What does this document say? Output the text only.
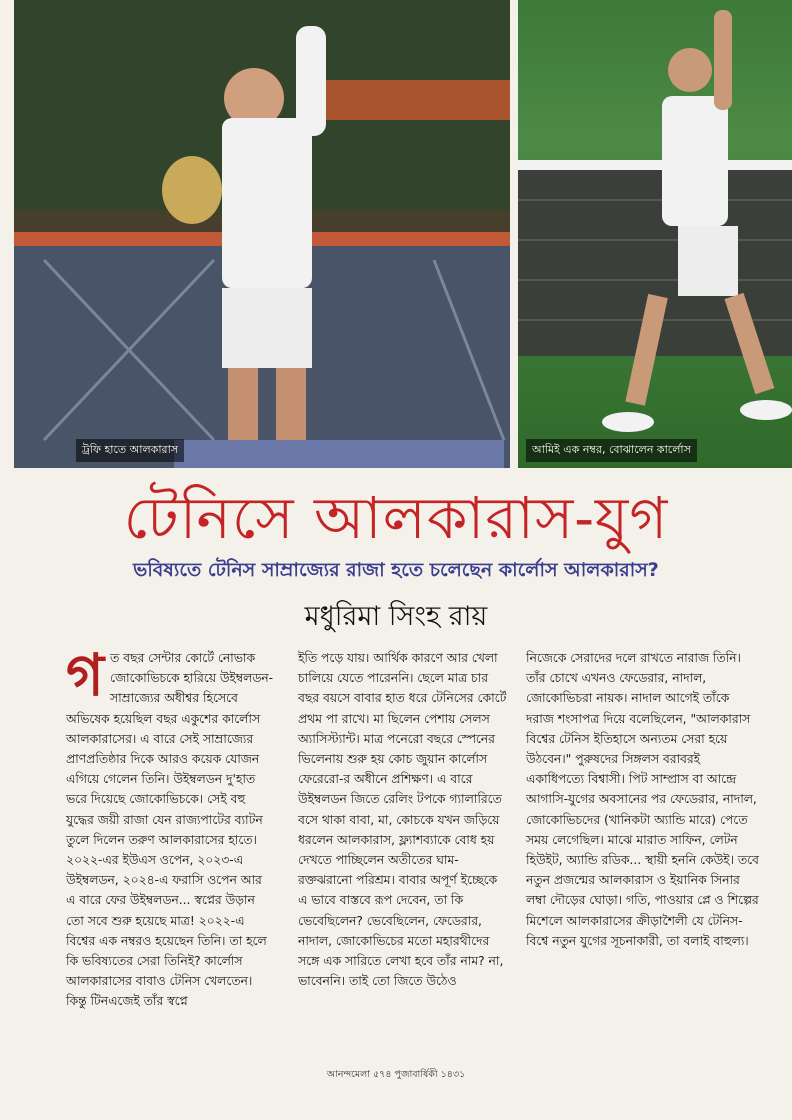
ট্রফি হাতে আলকারাস	আমিই এক নম্বর, বোঝালেন কার্লোস
টেনিসে আলকারাস-যুগ
ভবিষ্যতে টেনিস সাম্রাজ্যের রাজা হতে চলেছেন কার্লোস আলকারাস?
মধুরিমা সিংহ রায়
গ ত বছর সেন্টার কোর্টে নোভাক জোকোভিচকে হারিয়ে উইম্বলডন-সাম্রাজ্যের অধীশ্বর হিসেবে অভিষেক হয়েছিল বছর একুশের কার্লোস আলকারাসের। এ বারে সেই সাম্রাজ্যের প্রাণপ্রতিষ্ঠার দিকে আরও কয়েক যোজন এগিয়ে গেলেন তিনি। উইম্বলডন দু'হাত ভরে দিয়েছে জোকোভিচকে। সেই বহু যুদ্ধের জয়ী রাজা যেন রাজ্যপাটের ব্যাটন তুলে দিলেন তরুণ আলকারাসের হাতে। ২০২২-এর ইউএস ওপেন, ২০২৩-এ উইম্বলডন, ২০২৪-এ ফরাসি ওপেন আর এ বারে ফের উইম্বলডন... স্বপ্নের উড়ান তো সবে শুরু হয়েছে মাত্র! ২০২২-এ বিশ্বের এক নম্বরও হয়েছেন তিনি। তা হলে কি ভবিষ্যতের সেরা তিনিই? কার্লোস আলকারাসের বাবাও টেনিস খেলতেন। কিন্তু টিনএজেই তাঁর স্বপ্নে

ইতি পড়ে যায়। আর্থিক কারণে আর খেলা চালিয়ে যেতে পারেননি। ছেলে মাত্র চার বছর বয়সে বাবার হাত ধরে টেনিসের কোর্টে প্রথম পা রাখে। মা ছিলেন পেশায় সেলস অ্যাসিস্ট্যান্ট। মাত্র পনেরো বছরে স্পেনের ভিলেনায় শুরু হয় কোচ জুয়ান কার্লোস ফেরেরো-র অধীনে প্রশিক্ষণ। এ বারে উইম্বলডন জিতে রেলিং টপকে গ্যালারিতে বসে থাকা বাবা, মা, কোচকে যখন জড়িয়ে ধরলেন আলকারাস, ফ্ল্যাশব্যাকে বোধ হয় দেখতে পাচ্ছিলেন অতীতের ঘাম-রক্তঝরানো পরিশ্রম। বাবার অপূর্ণ ইচ্ছেকে এ ভাবে বাস্তবে রূপ দেবেন, তা কি ভেবেছিলেন? ভেবেছিলেন, ফেডেরার, নাদাল, জোকোভিচের মতো মহারথীদের সঙ্গে এক সারিতে লেখা হবে তাঁর নাম? না, ভাবেননি। তাই তো জিতে উঠেও

নিজেকে সেরাদের দলে রাখতে নারাজ তিনি। তাঁর চোখে এখনও ফেডেরার, নাদাল, জোকোভিচরা নায়ক। নাদাল আগেই তাঁকে দরাজ শংসাপত্র দিয়ে বলেছিলেন, "আলকারাস বিশ্বের টেনিস ইতিহাসে অন্যতম সেরা হয়ে উঠবেন।" পুরুষদের সিঙ্গলস বরাবরই একাধিপত্যে বিশ্বাসী। পিট সাম্প্রাস বা আন্দ্রে আগাসি-যুগের অবসানের পর ফেডেরার, নাদাল, জোকোভিচদের (খানিকটা অ্যান্ডি মারে) পেতে সময় লেগেছিল। মাঝে মারাত সাফিন, লেটন হিউইট, অ্যান্ডি রডিক... স্থায়ী হননি কেউই। তবে নতুন প্রজন্মের আলকারাস ও ইয়ানিক সিনার লম্বা দৌড়ের ঘোড়া। গতি, পাওয়ার প্লে ও শিল্পের মিশেলে আলকারাসের ক্রীড়াশৈলী যে টেনিস-বিশ্বে নতুন যুগের সূচনাকারী, তা বলাই বাহুল্য।

আনন্দমেলা ৫৭৪ পুজাবার্ষিকী ১৪৩১
